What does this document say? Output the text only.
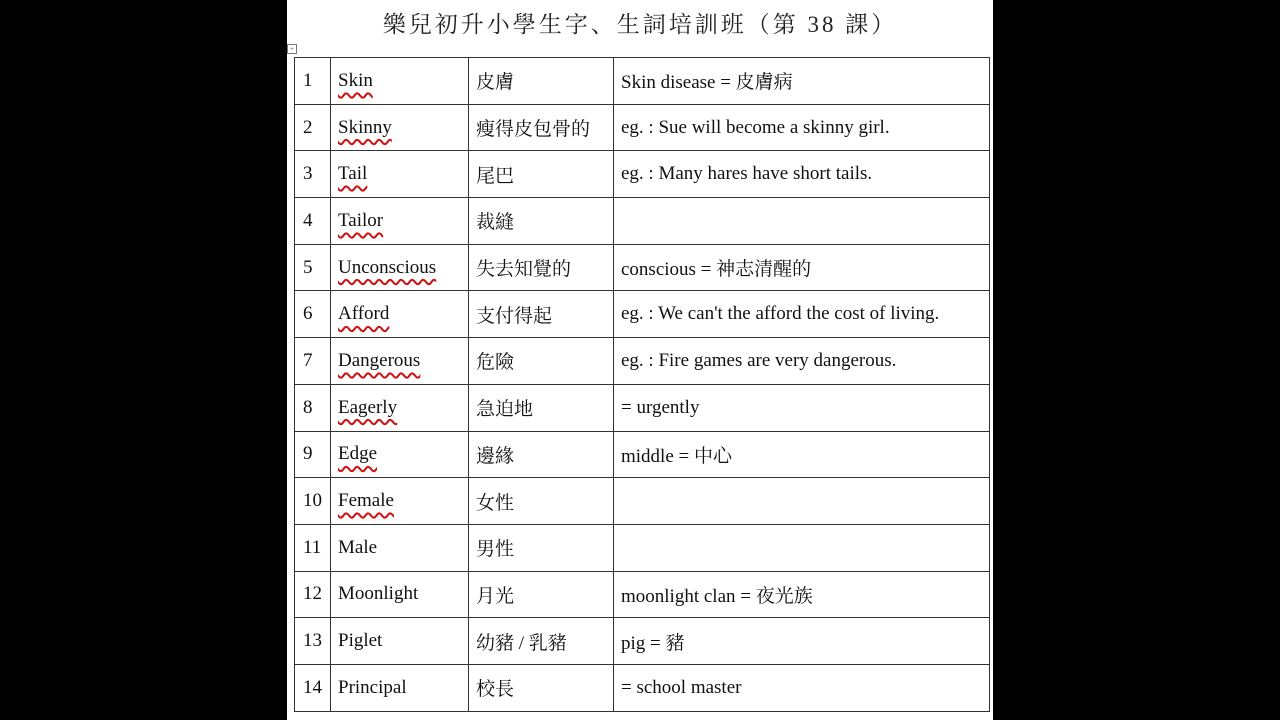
樂兒初升小學生字、生詞培訓班（第 38 課）
+
1	Skin	皮膚	Skin disease = 皮膚病
2	Skinny	瘦得皮包骨的	eg. : Sue will become a skinny girl.
3	Tail	尾巴	eg. : Many hares have short tails.
4	Tailor	裁縫	
5	Unconscious	失去知覺的	conscious = 神志清醒的
6	Afford	支付得起	eg. : We can't the afford the cost of living.
7	Dangerous	危險	eg. : Fire games are very dangerous.
8	Eagerly	急迫地	= urgently
9	Edge	邊緣	middle = 中心
10	Female	女性	
11	Male	男性	
12	Moonlight	月光	moonlight clan = 夜光族
13	Piglet	幼豬 / 乳豬	pig = 豬
14	Principal	校長	= school master
